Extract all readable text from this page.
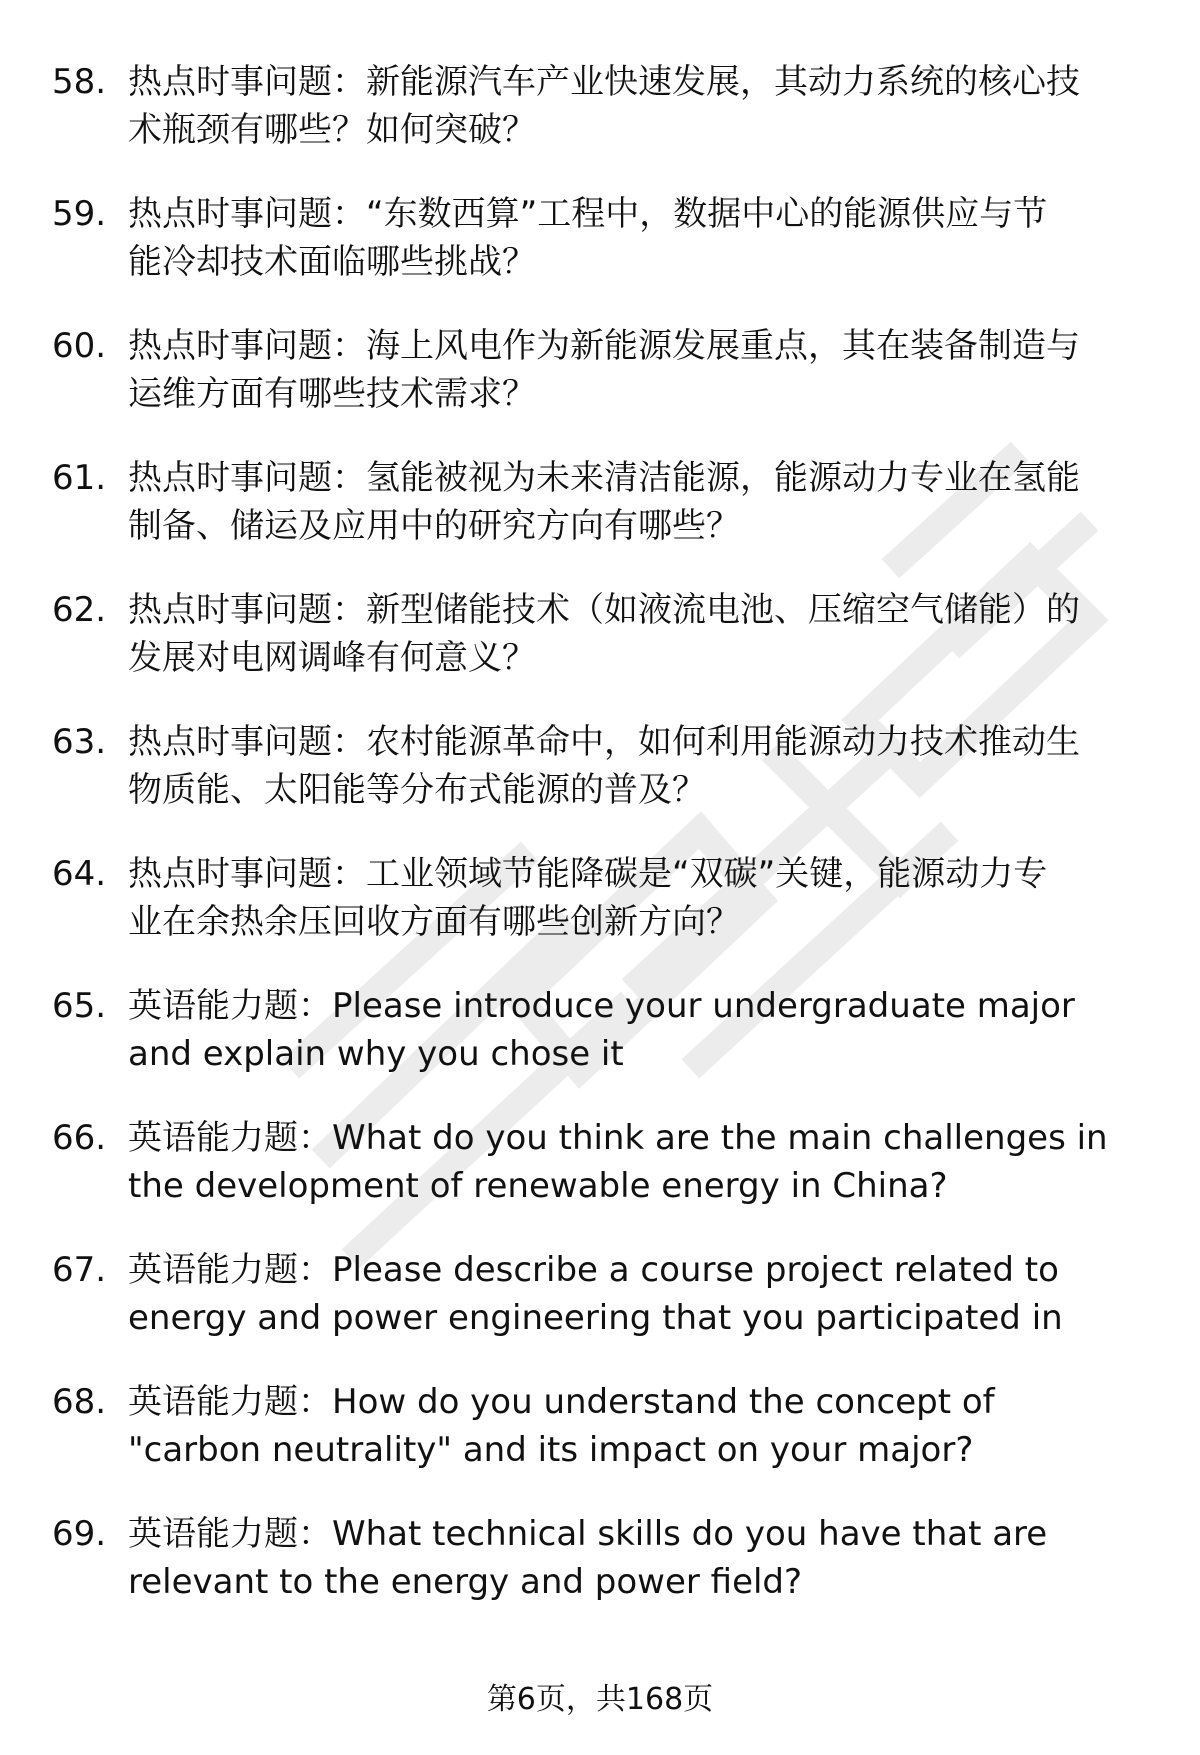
58. 热点时事问题：新能源汽车产业快速发展，其动力系统的核心技
术瓶颈有哪些？如何突破？
59. 热点时事问题：“东数西算”工程中，数据中心的能源供应与节
能冷却技术面临哪些挑战？
60. 热点时事问题：海上风电作为新能源发展重点，其在装备制造与
运维方面有哪些技术需求？
61. 热点时事问题：氢能被视为未来清洁能源，能源动力专业在氢能
制备、储运及应用中的研究方向有哪些？
62. 热点时事问题：新型储能技术（如液流电池、压缩空气储能）的
发展对电网调峰有何意义？
63. 热点时事问题：农村能源革命中，如何利用能源动力技术推动生
物质能、太阳能等分布式能源的普及？
64. 热点时事问题：工业领域节能降碳是“双碳”关键，能源动力专
业在余热余压回收方面有哪些创新方向？
65. 英语能力题：Please introduce your undergraduate major
and explain why you chose it
66. 英语能力题：What do you think are the main challenges in
the development of renewable energy in China?
67. 英语能力题：Please describe a course project related to
energy and power engineering that you participated in
68. 英语能力题：How do you understand the concept of
"carbon neutrality" and its impact on your major?
69. 英语能力题：What technical skills do you have that are
relevant to the energy and power field?
第6页，共168页
